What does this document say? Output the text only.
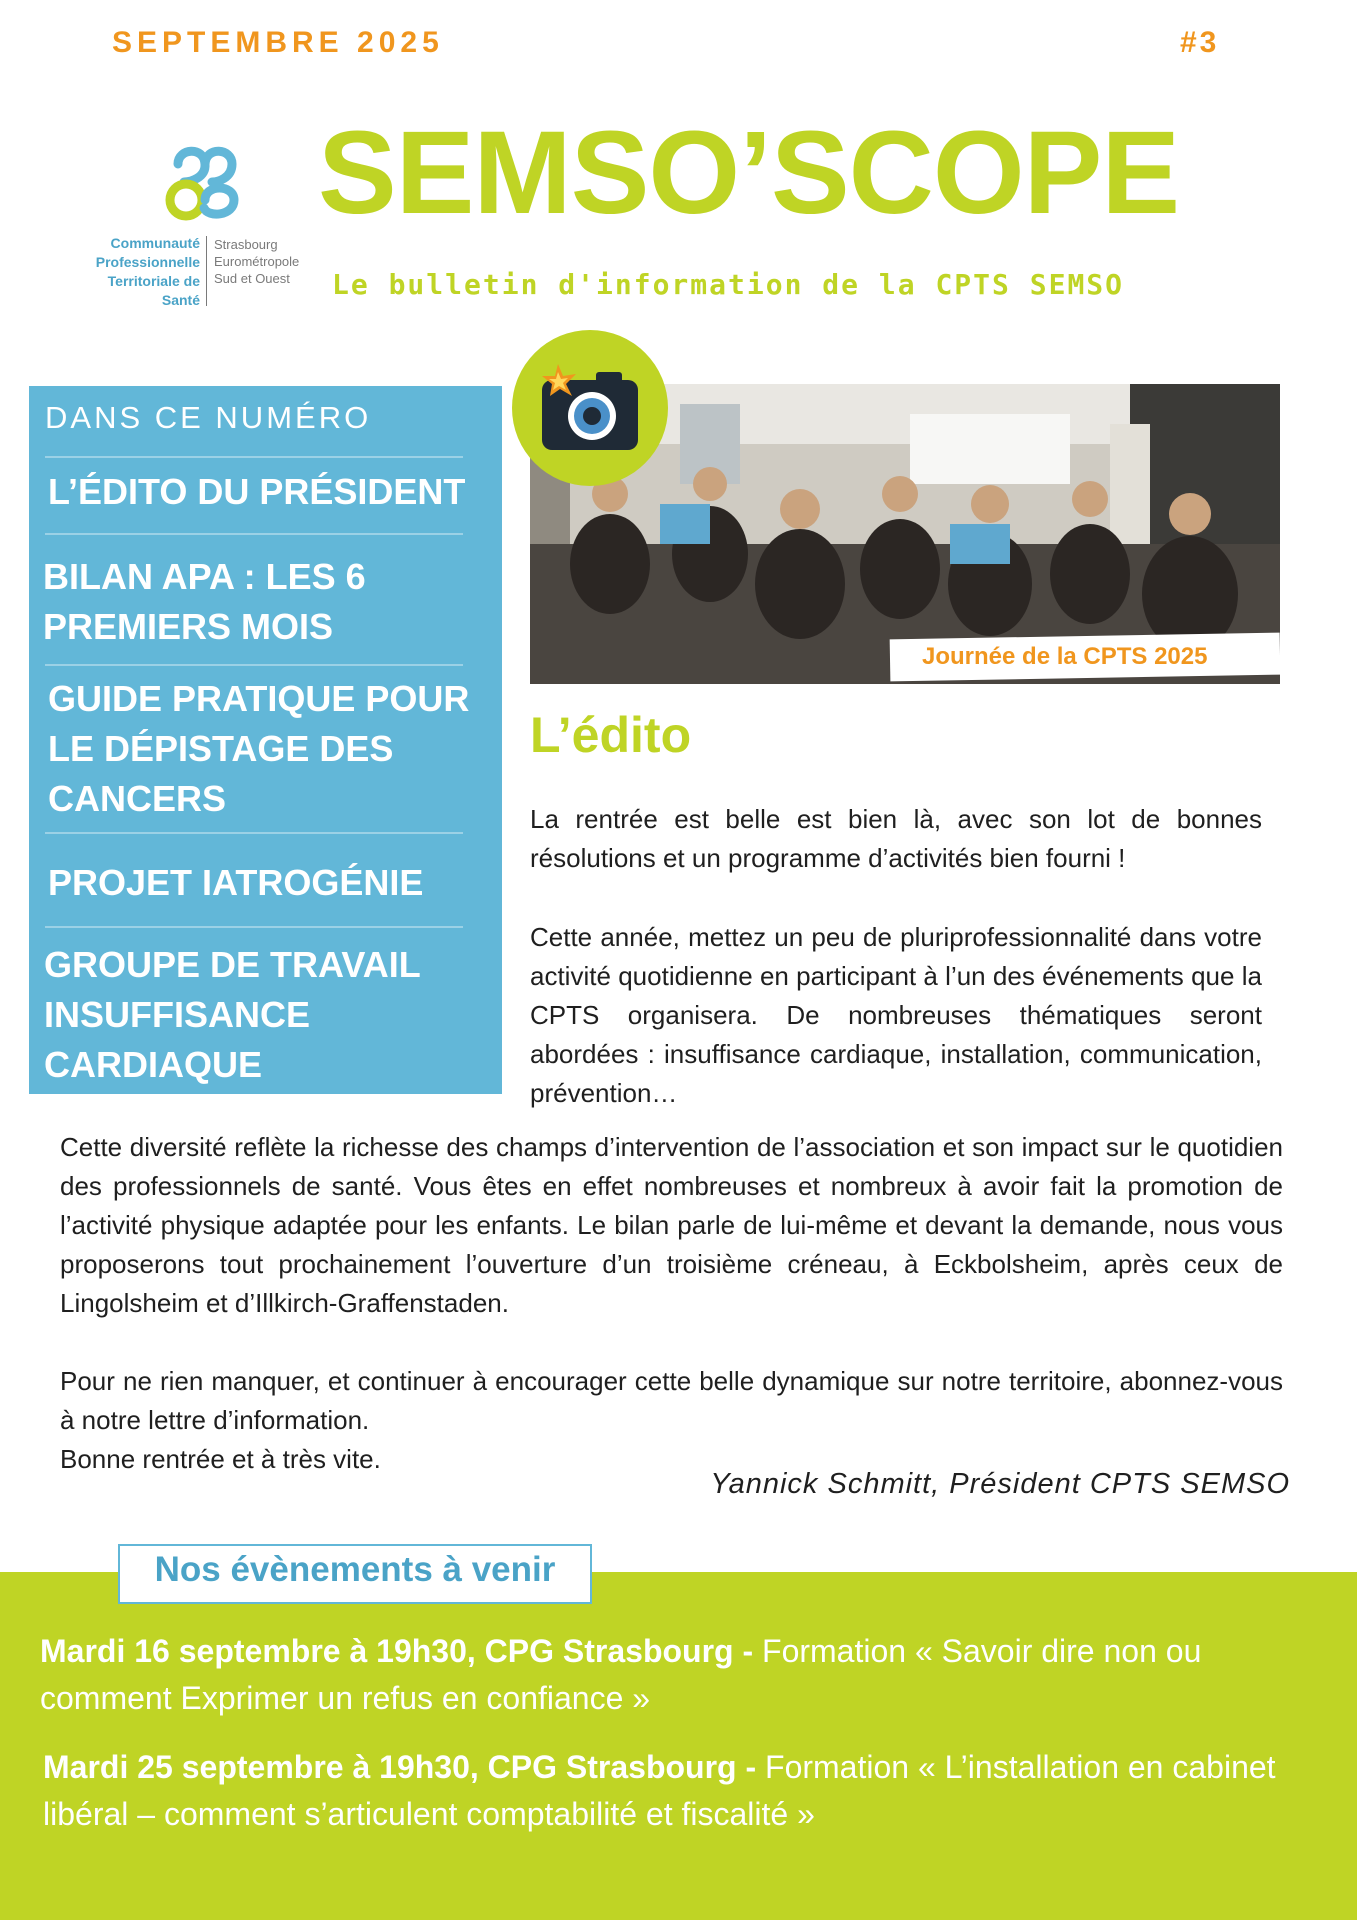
SEPTEMBRE 2025	#3
Communauté
Professionnelle
Territoriale de
Santé
Strasbourg
Eurométropole
Sud et Ouest
SEMSO’SCOPE
Le bulletin d'information de la CPTS SEMSO
DANS CE NUMÉRO
L’ÉDITO DU PRÉSIDENT
BILAN APA : LES 6 PREMIERS MOIS
GUIDE PRATIQUE POUR LE DÉPISTAGE DES CANCERS
PROJET IATROGÉNIE
GROUPE DE TRAVAIL INSUFFISANCE CARDIAQUE
Journée de la CPTS 2025
L’édito
La rentrée est belle est bien là, avec son lot de bonnes résolutions et un programme d’activités bien fourni !
Cette année, mettez un peu de pluriprofessionnalité dans votre activité quotidienne en participant à l’un des événements que la CPTS organisera. De nombreuses thématiques seront abordées : insuffisance cardiaque, installation, communication, prévention…
Cette diversité reflète la richesse des champs d’intervention de l’association et son impact sur le quotidien des professionnels de santé. Vous êtes en effet nombreuses et nombreux à avoir fait la promotion de l’activité physique adaptée pour les enfants. Le bilan parle de lui-même et devant la demande, nous vous proposerons tout prochainement l’ouverture d’un troisième créneau, à Eckbolsheim, après ceux de Lingolsheim et d’Illkirch-Graffenstaden.
Pour ne rien manquer, et continuer à encourager cette belle dynamique sur notre territoire, abonnez-vous à notre lettre d’information.
Bonne rentrée et à très vite.
Yannick Schmitt, Président CPTS SEMSO
Nos évènements à venir
Mardi 16 septembre à 19h30, CPG Strasbourg - Formation « Savoir dire non ou comment Exprimer un refus en confiance »
Mardi 25 septembre à 19h30, CPG Strasbourg - Formation « L’installation en cabinet libéral – comment s’articulent comptabilité et fiscalité »
